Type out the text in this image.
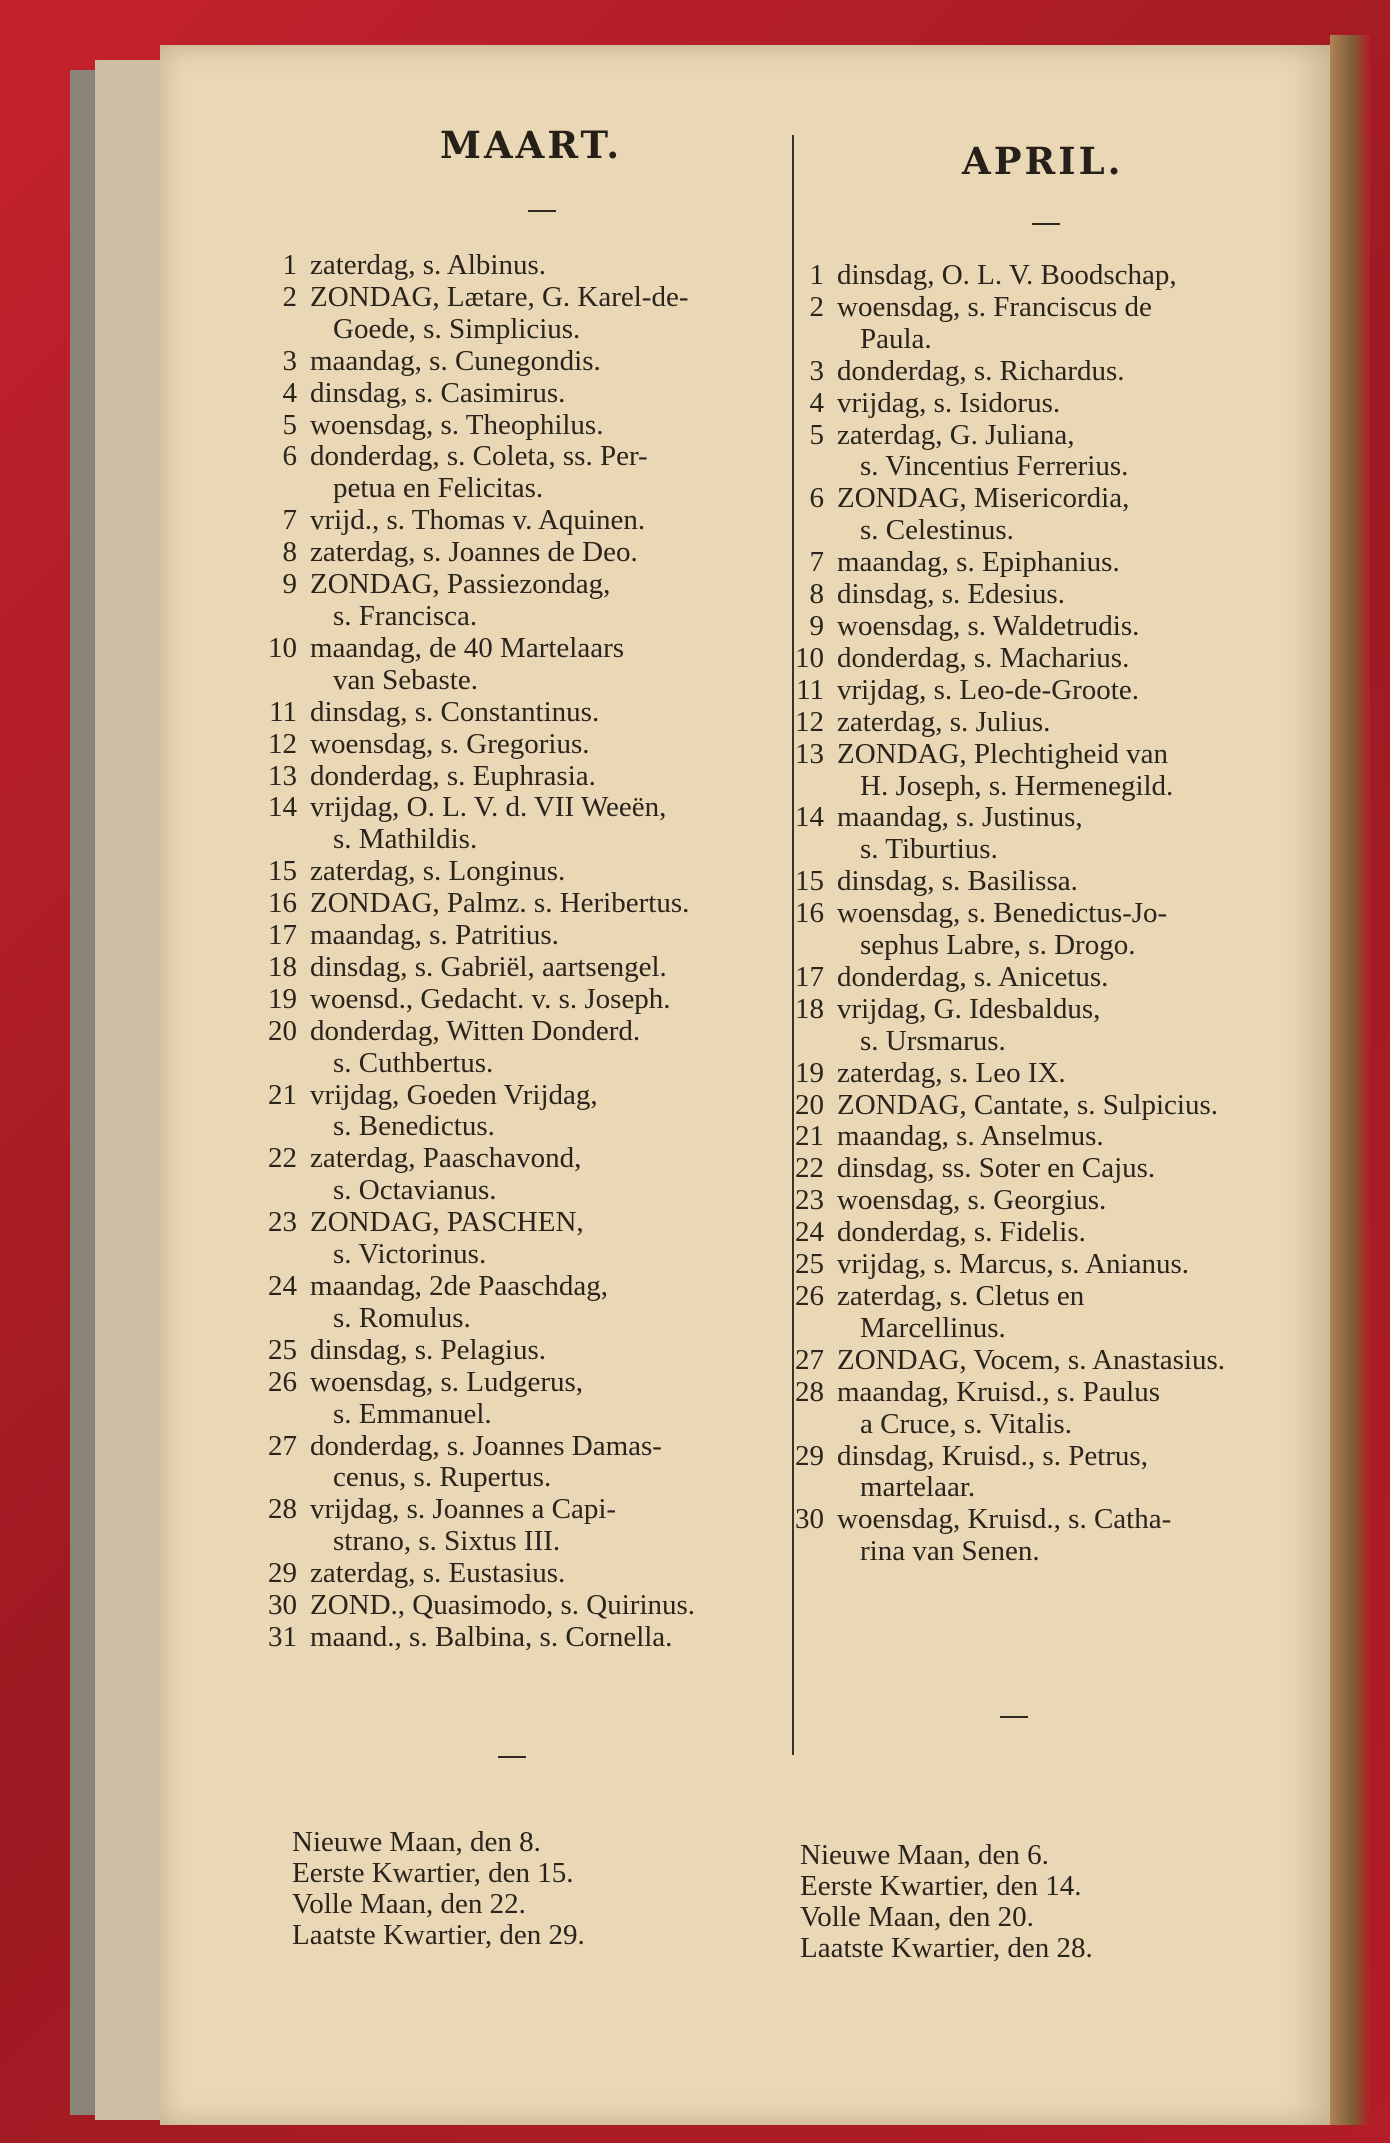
MAART.
1 zaterdag, s. Albinus.
2 ZONDAG, Lætare, G. Karel-de-
Goede, s. Simplicius.
3 maandag, s. Cunegondis.
4 dinsdag, s. Casimirus.
5 woensdag, s. Theophilus.
6 donderdag, s. Coleta, ss. Per-
petua en Felicitas.
7 vrijd., s. Thomas v. Aquinen.
8 zaterdag, s. Joannes de Deo.
9 ZONDAG, Passiezondag,
s. Francisca.
10 maandag, de 40 Martelaars
van Sebaste.
11 dinsdag, s. Constantinus.
12 woensdag, s. Gregorius.
13 donderdag, s. Euphrasia.
14 vrijdag, O. L. V. d. VII Weeën,
s. Mathildis.
15 zaterdag, s. Longinus.
16 ZONDAG, Palmz. s. Heribertus.
17 maandag, s. Patritius.
18 dinsdag, s. Gabriël, aartsengel.
19 woensd., Gedacht. v. s. Joseph.
20 donderdag, Witten Donderd.
s. Cuthbertus.
21 vrijdag, Goeden Vrijdag,
s. Benedictus.
22 zaterdag, Paaschavond,
s. Octavianus.
23 ZONDAG, PASCHEN,
s. Victorinus.
24 maandag, 2de Paaschdag,
s. Romulus.
25 dinsdag, s. Pelagius.
26 woensdag, s. Ludgerus,
s. Emmanuel.
27 donderdag, s. Joannes Damas-
cenus, s. Rupertus.
28 vrijdag, s. Joannes a Capi-
strano, s. Sixtus III.
29 zaterdag, s. Eustasius.
30 ZOND., Quasimodo, s. Quirinus.
31 maand., s. Balbina, s. Cornella.
Nieuwe Maan, den 8.
Eerste Kwartier, den 15.
Volle Maan, den 22.
Laatste Kwartier, den 29.
APRIL.
1 dinsdag, O. L. V. Boodschap,
2 woensdag, s. Franciscus de
Paula.
3 donderdag, s. Richardus.
4 vrijdag, s. Isidorus.
5 zaterdag, G. Juliana,
s. Vincentius Ferrerius.
6 ZONDAG, Misericordia,
s. Celestinus.
7 maandag, s. Epiphanius.
8 dinsdag, s. Edesius.
9 woensdag, s. Waldetrudis.
10 donderdag, s. Macharius.
11 vrijdag, s. Leo-de-Groote.
12 zaterdag, s. Julius.
13 ZONDAG, Plechtigheid van
H. Joseph, s. Hermenegild.
14 maandag, s. Justinus,
s. Tiburtius.
15 dinsdag, s. Basilissa.
16 woensdag, s. Benedictus-Jo-
sephus Labre, s. Drogo.
17 donderdag, s. Anicetus.
18 vrijdag, G. Idesbaldus,
s. Ursmarus.
19 zaterdag, s. Leo IX.
20 ZONDAG, Cantate, s. Sulpicius.
21 maandag, s. Anselmus.
22 dinsdag, ss. Soter en Cajus.
23 woensdag, s. Georgius.
24 donderdag, s. Fidelis.
25 vrijdag, s. Marcus, s. Anianus.
26 zaterdag, s. Cletus en
Marcellinus.
27 ZONDAG, Vocem, s. Anastasius.
28 maandag, Kruisd., s. Paulus
a Cruce, s. Vitalis.
29 dinsdag, Kruisd., s. Petrus,
martelaar.
30 woensdag, Kruisd., s. Catha-
rina van Senen.
Nieuwe Maan, den 6.
Eerste Kwartier, den 14.
Volle Maan, den 20.
Laatste Kwartier, den 28.
